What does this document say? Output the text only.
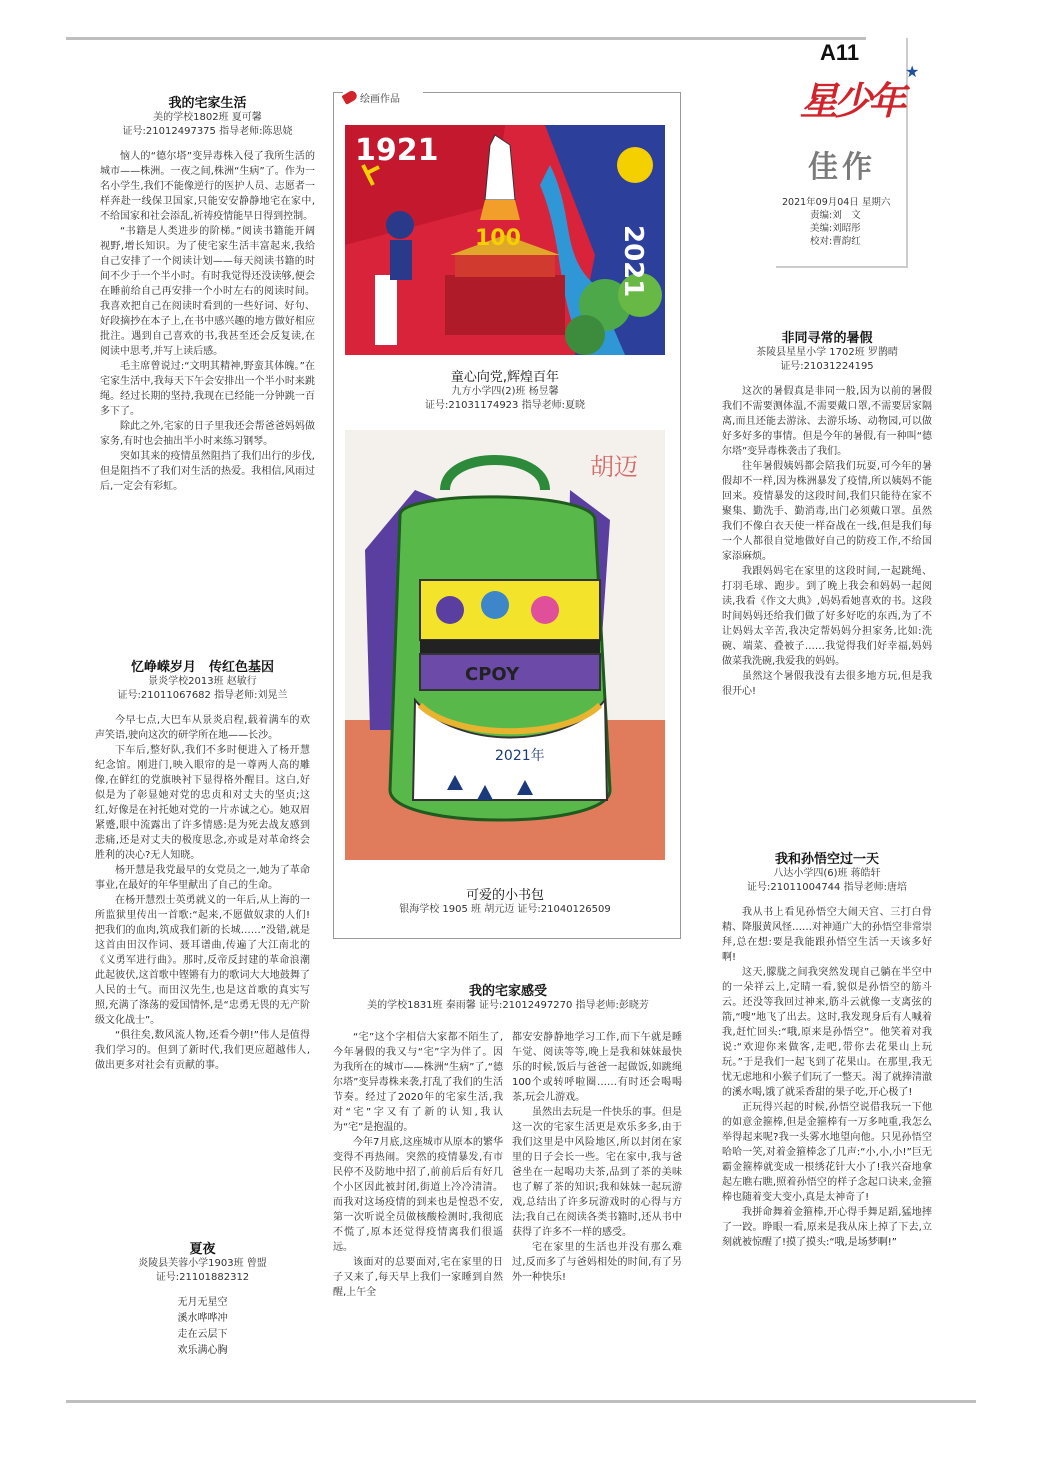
A11
星少年
★
佳作
2021年09月04日 星期六
责编:刘　文
美编:刘昭彤
校对:曹韵红
我的宅家生活
美的学校1802班 夏可馨
证号:21012497375 指导老师:陈思娆

恼人的“德尔塔”变异毒株入侵了我所生活的城市——株洲。一夜之间,株洲“生病”了。作为一名小学生,我们不能像逆行的医护人员、志愿者一样奔赴一线保卫国家,只能安安静静地宅在家中,不给国家和社会添乱,祈祷疫情能早日得到控制。

“书籍是人类进步的阶梯。”阅读书籍能开阔视野,增长知识。为了使宅家生活丰富起来,我给自己安排了一个阅读计划——每天阅读书籍的时间不少于一个半小时。有时我觉得还没读够,便会在睡前给自己再安排一个小时左右的阅读时间。我喜欢把自己在阅读时看到的一些好词、好句、好段摘抄在本子上,在书中感兴趣的地方做好相应批注。遇到自己喜欢的书,我甚至还会反复读,在阅读中思考,并写上读后感。

毛主席曾说过:“文明其精神,野蛮其体魄。”在宅家生活中,我每天下午会安排出一个半小时来跳绳。经过长期的坚持,我现在已经能一分钟跳一百多下了。

除此之外,宅家的日子里我还会帮爸爸妈妈做家务,有时也会抽出半小时来练习钢琴。

突如其来的疫情虽然阻挡了我们出行的步伐,但是阻挡不了我们对生活的热爱。我相信,风雨过后,一定会有彩虹。

忆峥嵘岁月　传红色基因
景炎学校2013班 赵敏行
证号:21011067682 指导老师:刘晃兰

今早七点,大巴车从景炎启程,载着满车的欢声笑语,驶向这次的研学所在地——长沙。

下车后,整好队,我们不多时便进入了杨开慧纪念馆。刚进门,映入眼帘的是一尊两人高的雕像,在鲜红的党旗映衬下显得格外醒目。这白,好似是为了彰显她对党的忠贞和对丈夫的坚贞;这红,好像是在衬托她对党的一片赤诚之心。她双眉紧蹙,眼中流露出了许多情感:是为死去战友感到悲痛,还是对丈夫的极度思念,亦或是对革命终会胜利的决心?无人知晓。

杨开慧是我党最早的女党员之一,她为了革命事业,在最好的年华里献出了自己的生命。

在杨开慧烈士英勇就义的一年后,从上海的一所监狱里传出一首歌:“起来,不愿做奴隶的人们!把我们的血肉,筑成我们新的长城……”没错,就是这首由田汉作词、聂耳谱曲,传遍了大江南北的《义勇军进行曲》。那时,反帝反封建的革命浪潮此起彼伏,这首歌中铿锵有力的歌词大大地鼓舞了人民的士气。而田汉先生,也是这首歌的真实写照,充满了涤荡的爱国情怀,是“忠勇无畏的无产阶级文化战士”。

“俱往矣,数风流人物,还看今朝!”伟人是值得我们学习的。但到了新时代,我们更应超越伟人,做出更多对社会有贡献的事。

夏夜
炎陵县芙蓉小学1903班 曾盟
证号:21101882312

无月无星空

溪水哗哗冲

走在云层下

欢乐满心胸

绘画作品
1921
100	2021
童心向党,辉煌百年
九方小学四(2)班 杨昱馨
证号:21031174923 指导老师:夏晓
胡迈
CPOY
2021年
可爱的小书包
银海学校 1905 班 胡元迈 证号:21040126509
我的宅家感受
美的学校1831班 秦雨馨 证号:21012497270 指导老师:彭晓芳

“宅”这个字相信大家都不陌生了,今年暑假的我又与“宅”字为伴了。因为我所在的城市——株洲“生病”了,“德尔塔”变异毒株来袭,打乱了我们的生活节奏。经过了2020年的宅家生活,我对“宅”字又有了新的认知,我认为“宅”是抱温的。

今年7月底,这座城市从原本的繁华变得不再热闹。突然的疫情暴发,有市民停不及防地中招了,前前后后有好几个小区因此被封闭,街道上冷冷清清。而我对这场疫情的到来也是惶恐不安,第一次听说全员做核酸检测时,我彻底不慌了,原本还觉得疫情离我们很遥远。

该面对的总要面对,宅在家里的日子又来了,每天早上我们一家睡到自然醒,上午全

都安安静静地学习工作,而下午就是睡午觉、阅读等等,晚上是我和妹妹最快乐的时候,饭后与爸爸一起做饭,如跳绳100个或转呼啦圈……有时还会喝喝茶,玩会儿游戏。

虽然出去玩是一件快乐的事。但是这一次的宅家生活更是欢乐多多,由于我们这里是中风险地区,所以封闭在家里的日子会长一些。宅在家中,我与爸爸坐在一起喝功夫茶,品到了茶的美味也了解了茶的知识;我和妹妹一起玩游戏,总结出了许多玩游戏时的心得与方法;我自己在阅读各类书籍时,还从书中获得了许多不一样的感受。

宅在家里的生活也并没有那么难过,反而多了与爸妈相处的时间,有了另外一种快乐!

非同寻常的暑假
茶陵县星星小学 1702班 罗鹊晴
证号:21031224195

这次的暑假真是非同一般,因为以前的暑假我们不需要测体温,不需要戴口罩,不需要居家隔离,而且还能去游泳、去游乐场、动物园,可以做好多好多的事情。但是今年的暑假,有一种叫“德尔塔”变异毒株袭击了我们。

往年暑假姨妈都会陪我们玩耍,可今年的暑假却不一样,因为株洲暴发了疫情,所以姨妈不能回来。疫情暴发的这段时间,我们只能待在家不聚集、勤洗手、勤消毒,出门必须戴口罩。虽然我们不像白衣天使一样奋战在一线,但是我们每一个人都很自觉地做好自己的防疫工作,不给国家添麻烦。

我跟妈妈宅在家里的这段时间,一起跳绳、打羽毛球、跑步。到了晚上我会和妈妈一起阅读,我看《作文大典》,妈妈看她喜欢的书。这段时间妈妈还给我们做了好多好吃的东西,为了不让妈妈太辛苦,我决定帮妈妈分担家务,比如:洗碗、端菜、叠被子……我觉得我们好幸福,妈妈做菜我洗碗,我爱我的妈妈。

虽然这个暑假我没有去很多地方玩,但是我很开心!

我和孙悟空过一天
八达小学四(6)班 蒋皓轩
证号:21011004744 指导老师:唐培

我从书上看见孙悟空大闹天宫、三打白骨精、降服黄风怪……对神通广大的孙悟空非常崇拜,总在想:要是我能跟孙悟空生活一天该多好啊!

这天,朦胧之间我突然发现自己躺在半空中的一朵祥云上,定睛一看,貌似是孙悟空的筋斗云。还没等我回过神来,筋斗云就像一支离弦的箭,“嗖”地飞了出去。这时,我发现身后有人喊着我,赶忙回头:“哦,原来是孙悟空”。他笑着对我说:“欢迎你来做客,走吧,带你去花果山上玩玩。”于是我们一起飞到了花果山。在那里,我无忧无虑地和小猴子们玩了一整天。渴了就捧清澈的溪水喝,饿了就采香甜的果子吃,开心极了!

正玩得兴起的时候,孙悟空说借我玩一下他的如意金箍棒,但是金箍棒有一万多吨重,我怎么举得起来呢?我一头雾水地望向他。只见孙悟空哈哈一笑,对着金箍棒念了几声:“小,小,小!”巨无霸金箍棒就变成一根绣花针大小了!我兴奋地拿起左瞧右瞧,照着孙悟空的样子念起口诀来,金箍棒也随着变大变小,真是太神奇了!

我拼命舞着金箍棒,开心得手舞足蹈,猛地摔了一跤。睁眼一看,原来是我从床上掉了下去,立刻就被惊醒了!摸了摸头:“哦,是场梦啊!”
